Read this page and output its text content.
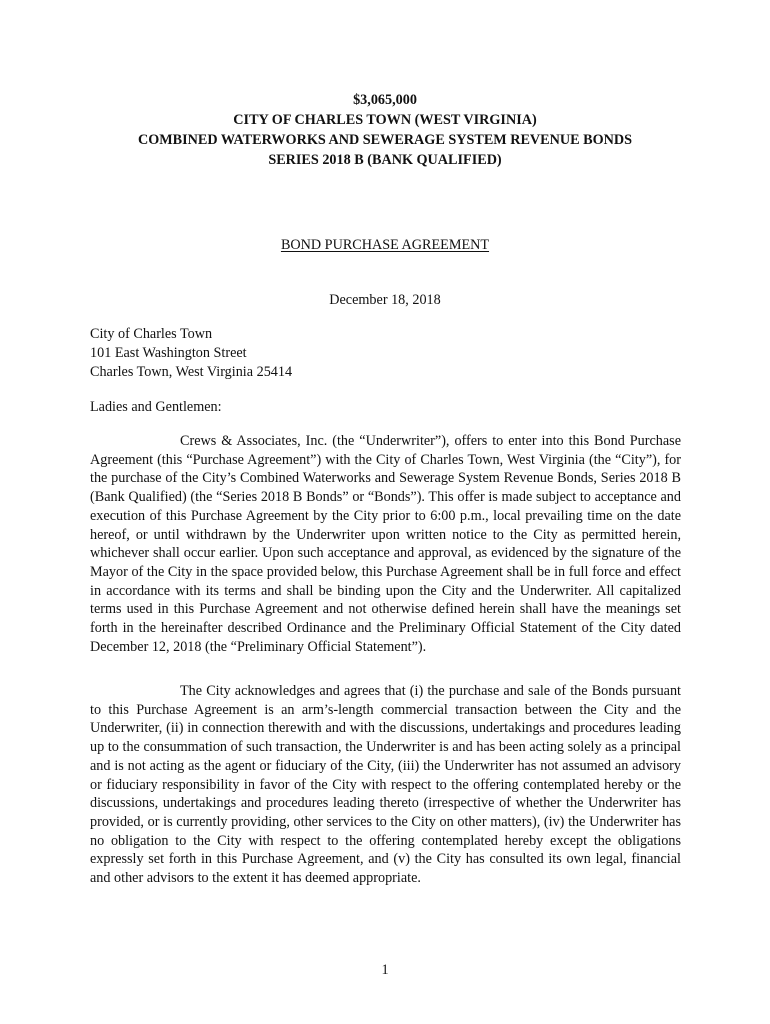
$3,065,000
CITY OF CHARLES TOWN (WEST VIRGINIA)
COMBINED WATERWORKS AND SEWERAGE SYSTEM REVENUE BONDS
SERIES 2018 B (BANK QUALIFIED)
BOND PURCHASE AGREEMENT
December 18, 2018
City of Charles Town
101 East Washington Street
Charles Town, West Virginia 25414
Ladies and Gentlemen:

Crews & Associates, Inc. (the “Underwriter”), offers to enter into this Bond Purchase Agreement (this “Purchase Agreement”) with the City of Charles Town, West Virginia (the “City”), for the purchase of the City’s Combined Waterworks and Sewerage System Revenue Bonds, Series 2018 B (Bank Qualified) (the “Series 2018 B Bonds” or “Bonds”). This offer is made subject to acceptance and execution of this Purchase Agreement by the City prior to 6:00 p.m., local prevailing time on the date hereof, or until withdrawn by the Underwriter upon written notice to the City as permitted herein, whichever shall occur earlier. Upon such acceptance and approval, as evidenced by the signature of the Mayor of the City in the space provided below, this Purchase Agreement shall be in full force and effect in accordance with its terms and shall be binding upon the City and the Underwriter. All capitalized terms used in this Purchase Agreement and not otherwise defined herein shall have the meanings set forth in the hereinafter described Ordinance and the Preliminary Official Statement of the City dated December 12, 2018 (the “Preliminary Official Statement”).

The City acknowledges and agrees that (i) the purchase and sale of the Bonds pursuant to this Purchase Agreement is an arm’s-length commercial transaction between the City and the Underwriter, (ii) in connection therewith and with the discussions, undertakings and procedures leading up to the consummation of such transaction, the Underwriter is and has been acting solely as a principal and is not acting as the agent or fiduciary of the City, (iii) the Underwriter has not assumed an advisory or fiduciary responsibility in favor of the City with respect to the offering contemplated hereby or the discussions, undertakings and procedures leading thereto (irrespective of whether the Underwriter has provided, or is currently providing, other services to the City on other matters), (iv) the Underwriter has no obligation to the City with respect to the offering contemplated hereby except the obligations expressly set forth in this Purchase Agreement, and (v) the City has consulted its own legal, financial and other advisors to the extent it has deemed appropriate.

1
